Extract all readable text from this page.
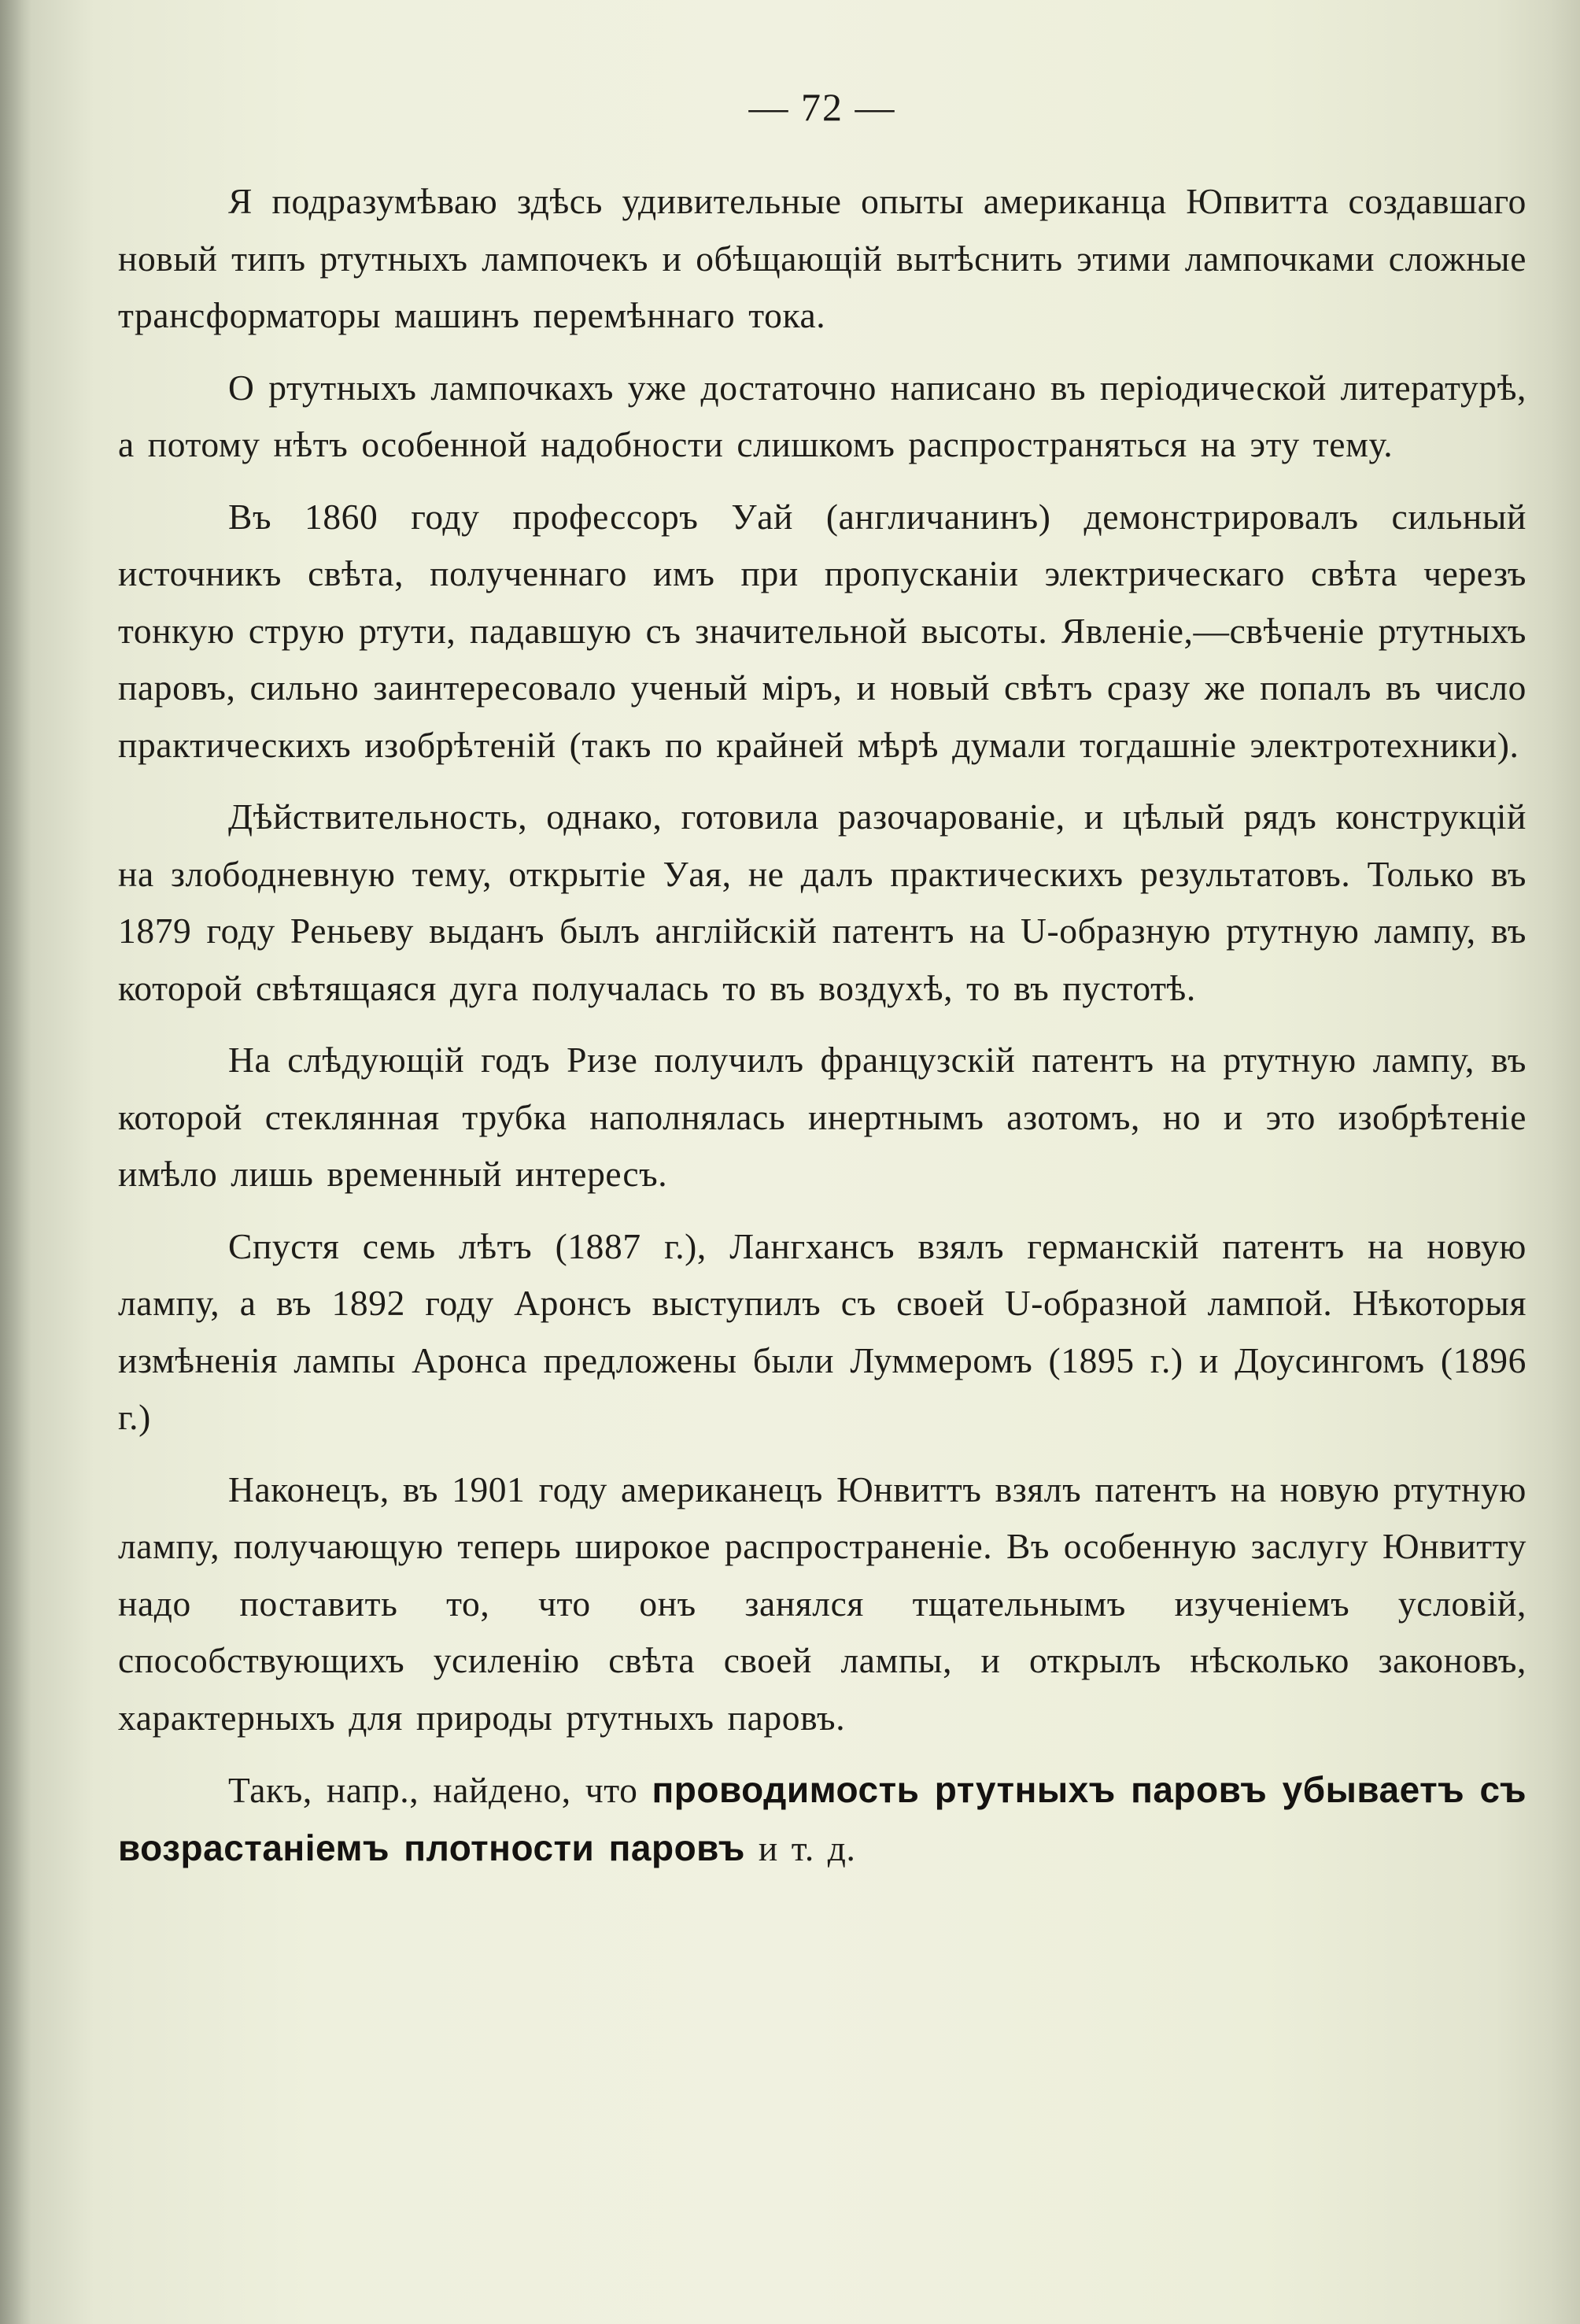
— 72 —

Я подразумѣваю здѣсь удивительные опыты американца Юпвитта создавшаго новый типъ ртутныхъ лампочекъ и обѣщающій вытѣснить этими лампочками сложные трансформаторы машинъ перемѣннаго тока.

О ртутныхъ лампочкахъ уже достаточно написано въ періодической литературѣ, а потому нѣтъ особенной надобности слишкомъ распространяться на эту тему.

Въ 1860 году профессоръ Уай (англичанинъ) демонстрировалъ сильный источникъ свѣта, полученнаго имъ при пропусканіи электрическаго свѣта черезъ тонкую струю ртути, падавшую съ значительной высоты. Явленіе,—свѣченіе ртутныхъ паровъ, сильно заинтересовало ученый міръ, и новый свѣтъ сразу же попалъ въ число практическихъ изобрѣтеній (такъ по крайней мѣрѣ думали тогдашніе электротехники).

Дѣйствительность, однако, готовила разочарованіе, и цѣлый рядъ конструкцій на злободневную тему, открытіе Уая, не далъ практическихъ результатовъ. Только въ 1879 году Реньеву выданъ былъ англійскій патентъ на U-образную ртутную лампу, въ которой свѣтящаяся дуга получалась то въ воздухѣ, то въ пустотѣ.

На слѣдующій годъ Ризе получилъ французскій патентъ на ртутную лампу, въ которой стеклянная трубка наполнялась инертнымъ азотомъ, но и это изобрѣтеніе имѣло лишь временный интересъ.

Спустя семь лѣтъ (1887 г.), Лангхансъ взялъ германскій патентъ на новую лампу, а въ 1892 году Аронсъ выступилъ съ своей U-образной лампой. Нѣкоторыя измѣненія лампы Аронса предложены были Луммеромъ (1895 г.) и Доусингомъ (1896 г.)

Наконецъ, въ 1901 году американецъ Юнвиттъ взялъ патентъ на новую ртутную лампу, получающую теперь широкое распространеніе. Въ особенную заслугу Юнвитту надо поставить то, что онъ занялся тщательнымъ изученіемъ условій, способствующихъ усиленію свѣта своей лампы, и открылъ нѣсколько законовъ, характерныхъ для природы ртутныхъ паровъ.

Такъ, напр., найдено, что проводимость ртутныхъ паровъ убываетъ съ возрастаніемъ плотности паровъ и т. д.
